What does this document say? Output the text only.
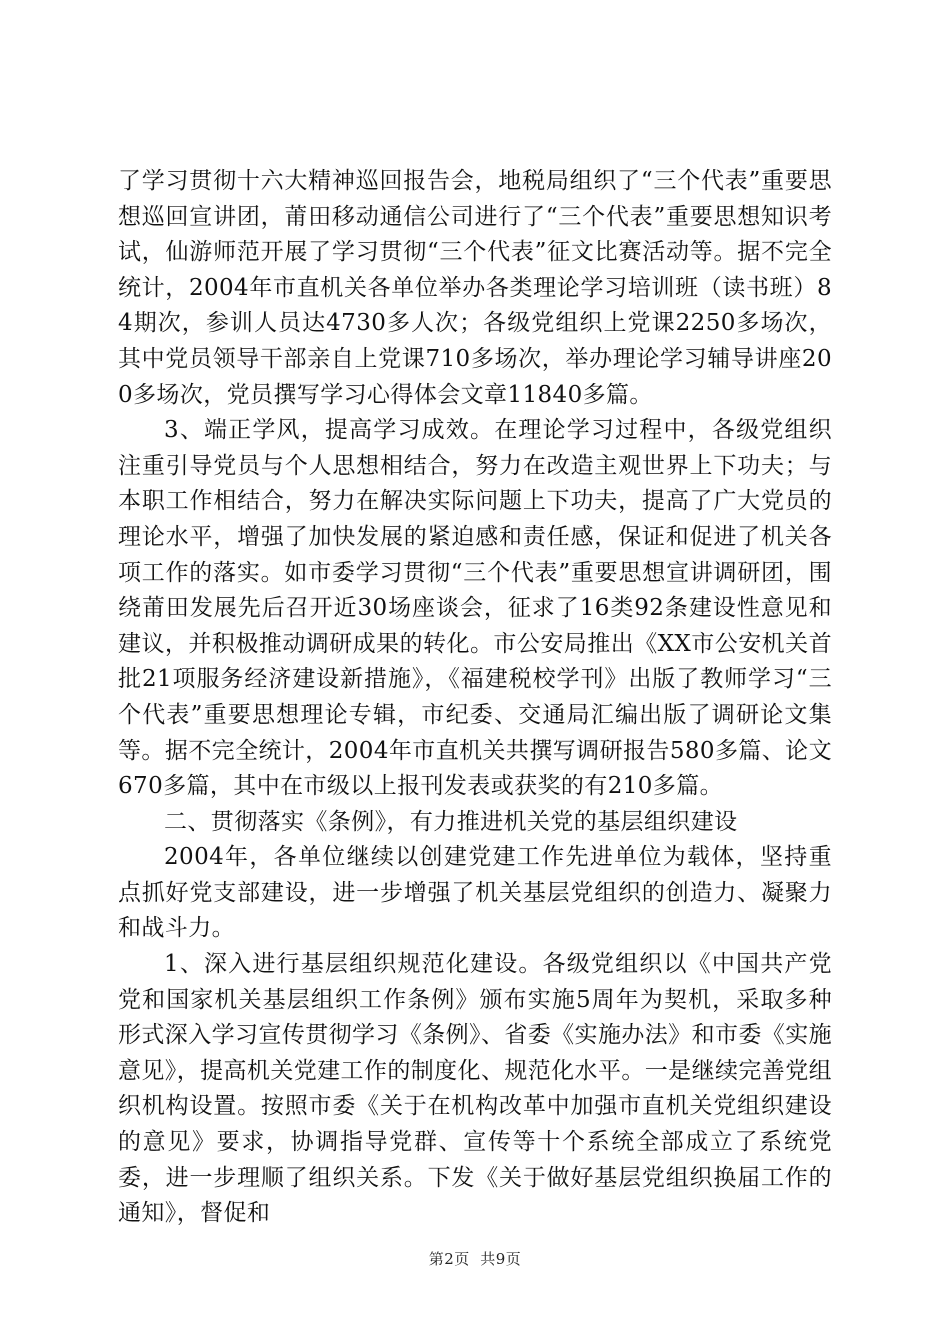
了学习贯彻十六大精神巡回报告会，地税局组织了“三个代表”重要思想巡回宣讲团，莆田移动通信公司进行了“三个代表”重要思想知识考试，仙游师范开展了学习贯彻“三个代表”征文比赛活动等。据不完全统计，2004年市直机关各单位举办各类理论学习培训班（读书班）84期次，参训人员达4730多人次；各级党组织上党课2250多场次，其中党员领导干部亲自上党课710多场次，举办理论学习辅导讲座200多场次，党员撰写学习心得体会文章11840多篇。

3、端正学风，提高学习成效。在理论学习过程中，各级党组织注重引导党员与个人思想相结合，努力在改造主观世界上下功夫；与本职工作相结合，努力在解决实际问题上下功夫，提高了广大党员的理论水平，增强了加快发展的紧迫感和责任感，保证和促进了机关各项工作的落实。如市委学习贯彻“三个代表”重要思想宣讲调研团，围绕莆田发展先后召开近30场座谈会，征求了16类92条建设性意见和建议，并积极推动调研成果的转化。市公安局推出《XX市公安机关首批21项服务经济建设新措施》，《福建税校学刊》出版了教师学习“三个代表”重要思想理论专辑，市纪委、交通局汇编出版了调研论文集等。据不完全统计，2004年市直机关共撰写调研报告580多篇、论文670多篇，其中在市级以上报刊发表或获奖的有210多篇。

二、贯彻落实《条例》，有力推进机关党的基层组织建设

2004年，各单位继续以创建党建工作先进单位为载体，坚持重点抓好党支部建设，进一步增强了机关基层党组织的创造力、凝聚力和战斗力。

1、深入进行基层组织规范化建设。各级党组织以《中国共产党党和国家机关基层组织工作条例》颁布实施5周年为契机，采取多种形式深入学习宣传贯彻学习《条例》、省委《实施办法》和市委《实施意见》，提高机关党建工作的制度化、规范化水平。一是继续完善党组织机构设置。按照市委《关于在机构改革中加强市直机关党组织建设的意见》要求，协调指导党群、宣传等十个系统全部成立了系统党委，进一步理顺了组织关系。下发《关于做好基层党组织换届工作的通知》，督促和

第2页  共9页
